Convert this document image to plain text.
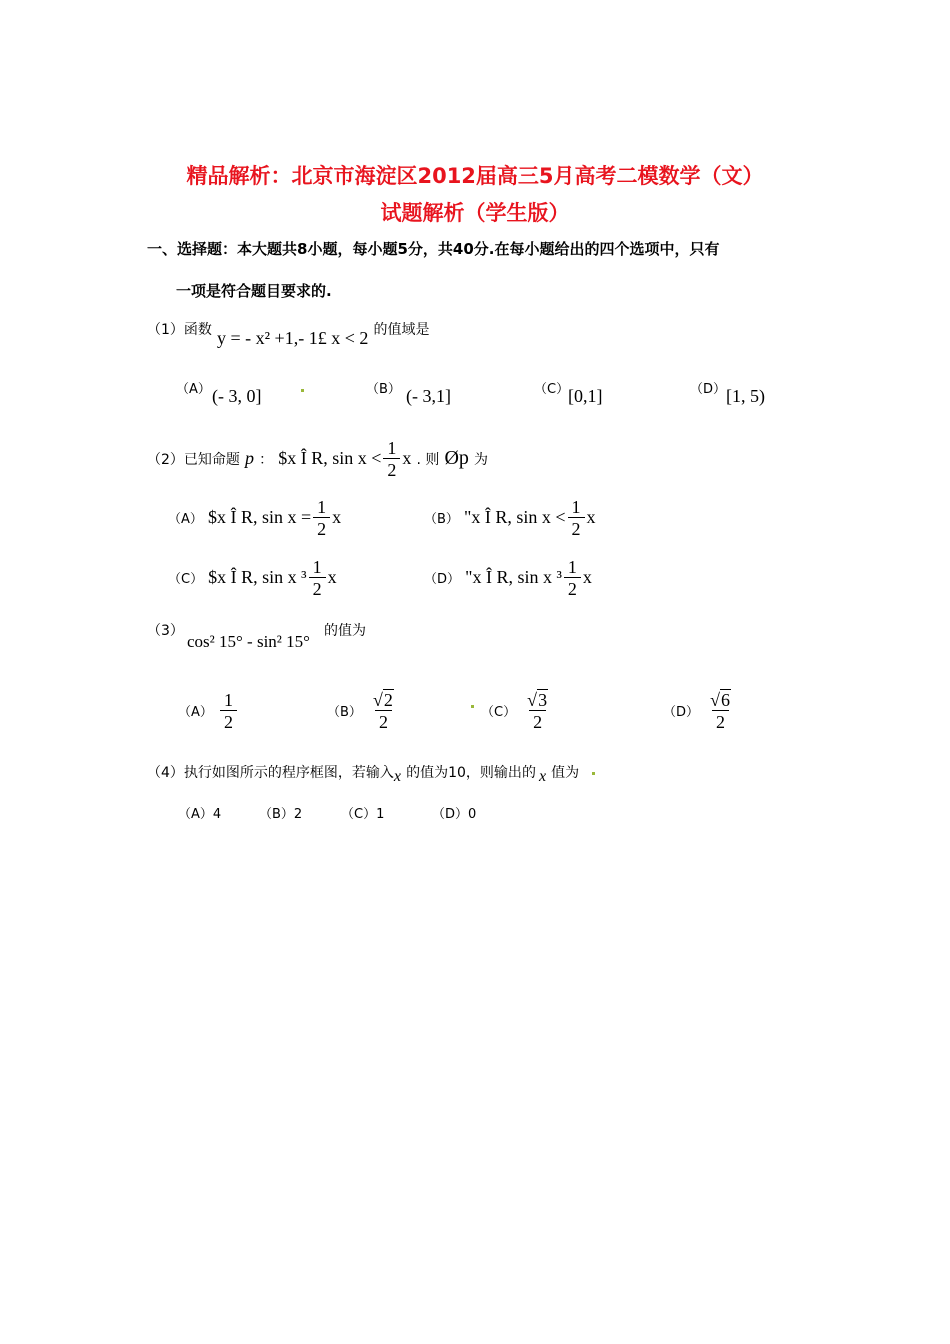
精品解析：北京市海淀区2012届高三5月高考二模数学（文）
试题解析（学生版）
一、选择题：本大题共8小题，每小题5分，共40分.在每小题给出的四个选项中，只有
一项是符合题目要求的.
（1）函数 y = - x² +1,- 1£ x < 2 的值域是
（A） (- 3, 0]	（B） (- 3,1]	（C）
[0,1]	（D） [1, 5)
（2）已知命题 p ： $x Î R, $\sin x < \frac{1}{2}$ x . 则 Øp 为
（A） $x Î R, $\sin x = \frac{1}{2}$ x	（B） "x Î R, $\sin x < \frac{1}{2}$ x
（C） $x Î R, sin x $^3 \frac{1}{2}$ x	（D） "x Î R, sin x $^3 \frac{1}{2}$ x
（3）
cos² 15° - sin² 15°
的值为
$(A) \frac{1}{2}$	$(B) \frac{√2}{2}$	$(C) \frac{√3}{2}$	$(D) \frac{√6}{2}$
（4）执行如图所示的程序框图，若输入x 的值为10，则输出的 x 值为
（A）4	（B）2	（C）1	（D）0
